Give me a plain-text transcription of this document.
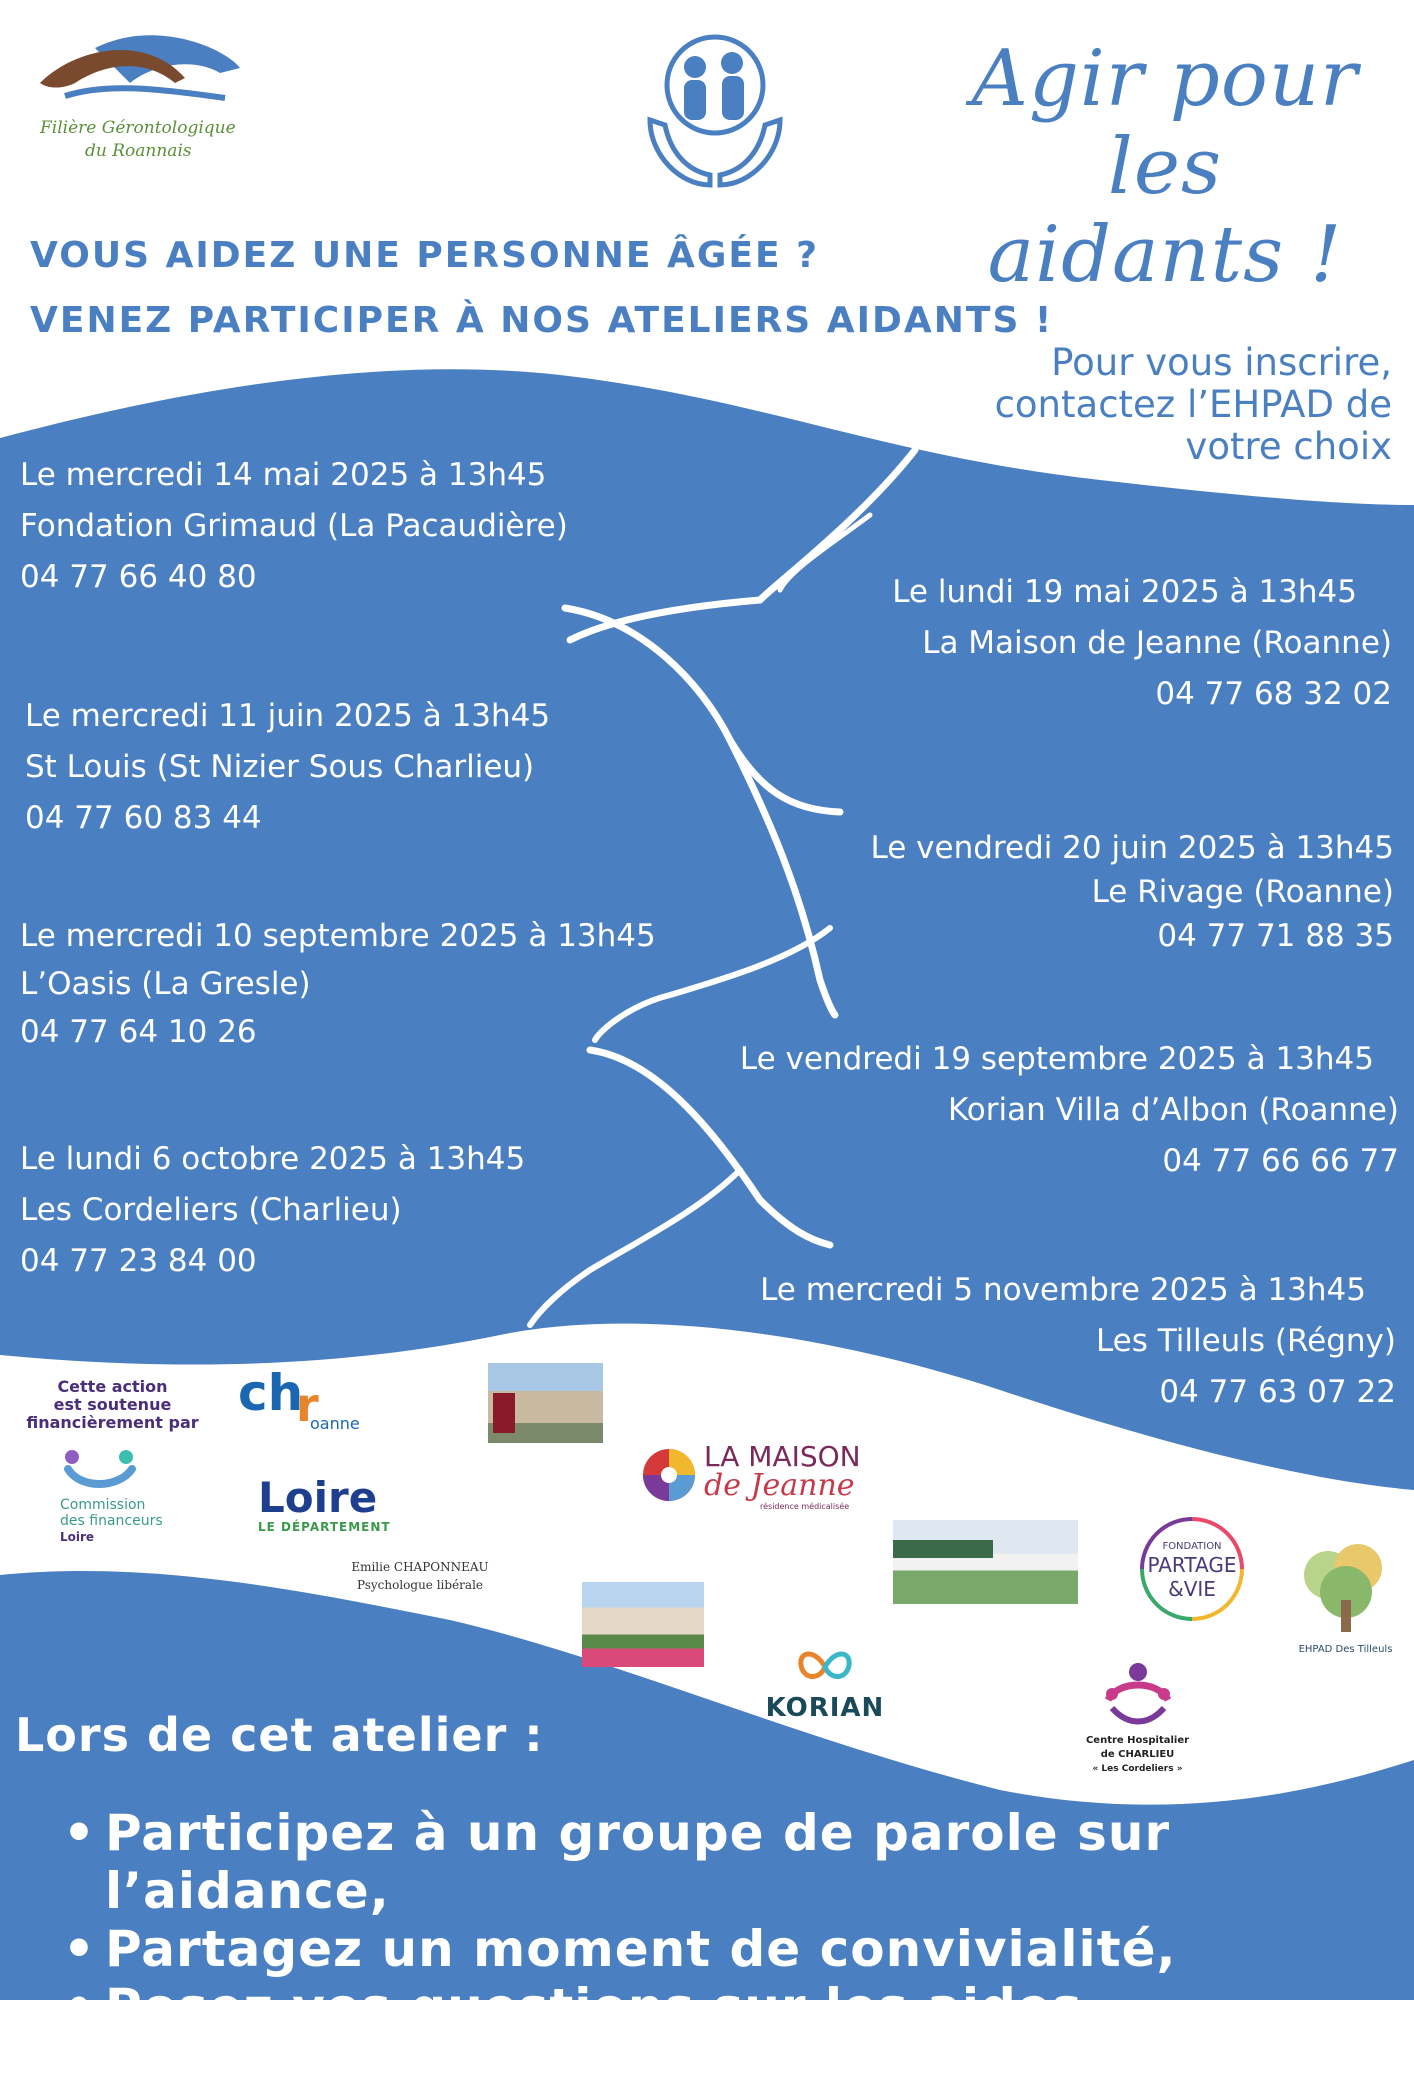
Filière Gérontologique
du Roannais
Agir pour les
aidants !
VOUS AIDEZ UNE PERSONNE ÂGÉE ?
VENEZ PARTICIPER À NOS ATELIERS AIDANTS !
Pour vous inscrire,
contactez l’EHPAD de
votre choix
Le mercredi 14 mai 2025 à 13h45
Fondation Grimaud (La Pacaudière)
04 77 66 40 80	Le lundi 19 mai 2025 à 13h45
La Maison de Jeanne (Roanne)
04 77 68 32 02
Le mercredi 11 juin 2025 à 13h45
St Louis (St Nizier Sous Charlieu)
04 77 60 83 44
Le vendredi 20 juin 2025 à 13h45
Le Rivage (Roanne)
04 77 71 88 35
Le mercredi 10 septembre 2025 à 13h45
L’Oasis (La Gresle)
04 77 64 10 26
Le vendredi 19 septembre 2025 à 13h45
Korian Villa d’Albon (Roanne)
04 77 66 66 77
Le lundi 6 octobre 2025 à 13h45
Les Cordeliers (Charlieu)
04 77 23 84 00
Le mercredi 5 novembre 2025 à 13h45
Les Tilleuls (Régny)
04 77 63 07 22
Cette action
est soutenue
financièrement par
Commission
des financeurs
Loire
ch
r
oanne
LA MAISON
de Jeanne
résidence médicalisée
Loire
LE DÉPARTEMENT
Emilie CHAPONNEAU
Psychologue libérale
FONDATION
PARTAGE
&VIE
EHPAD Des Tilleuls
KORIAN
Centre Hospitalier
de CHARLIEU
« Les Cordeliers »
Lors de cet atelier :
• Participez à un groupe de parole sur l’aidance,
• Partagez un moment de convivialité,
• Posez vos questions sur les aides existantes.
